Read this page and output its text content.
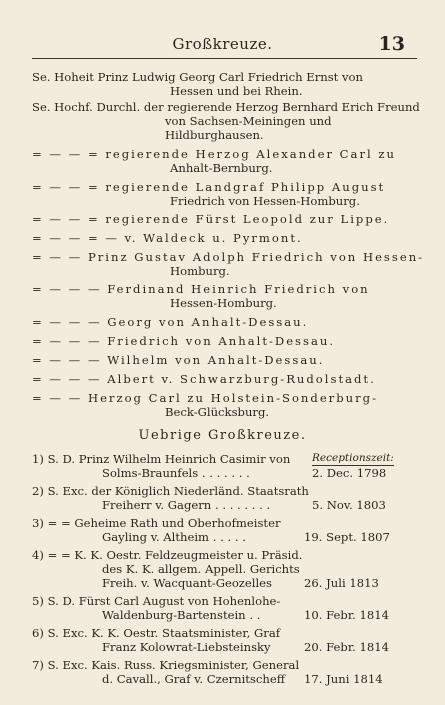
Großkreuze.	13
Se. Hoheit Prinz Ludwig Georg Carl Friedrich Ernst von
Hessen und bei Rhein.
Se. Hochf. Durchl. der regierende Herzog Bernhard Erich Freund
von Sachsen-Meiningen und
Hildburghausen.
= — — = regierende Herzog Alexander Carl zu
Anhalt-Bernburg.
= — — = regierende Landgraf Philipp August
Friedrich von Hessen-Homburg.
= — — = regierende Fürst Leopold zur Lippe.
= — — = — v. Waldeck u. Pyrmont.
= — — Prinz Gustav Adolph Friedrich von Hessen-
Homburg.
= — — — Ferdinand Heinrich Friedrich von
Hessen-Homburg.
= — — — Georg von Anhalt-Dessau.
= — — — Friedrich von Anhalt-Dessau.
= — — — Wilhelm von Anhalt-Dessau.
= — — — Albert v. Schwarzburg-Rudolstadt.
= — — Herzog Carl zu Holstein-Sonderburg-
Beck-Glücksburg.
Uebrige Großkreuze.
Receptionszeit:
1) S. D. Prinz Wilhelm Heinrich Casimir von
Solms-Braunfels . . . . . . .
2) S. Exc. der Königlich Niederländ. Staatsrath
Freiherr v. Gagern . . . . . . . .
3) = = Geheime Rath und Oberhofmeister
Gayling v. Altheim . . . . .
4) = = K. K. Oestr. Feldzeugmeister u. Präsid.
des K. K. allgem. Appell. Gerichts
Freih. v. Wacquant-Geozelles
5) S. D. Fürst Carl August von Hohenlohe-
Waldenburg-Bartenstein . .
6) S. Exc. K. K. Oestr. Staatsminister, Graf
Franz Kolowrat-Liebsteinsky
7) S. Exc. Kais. Russ. Kriegsminister, General
d. Cavall., Graf v. Czernitscheff
2. Dec. 1798
5. Nov. 1803
19. Sept. 1807
26. Juli 1813
10. Febr. 1814
20. Febr. 1814
17. Juni 1814
